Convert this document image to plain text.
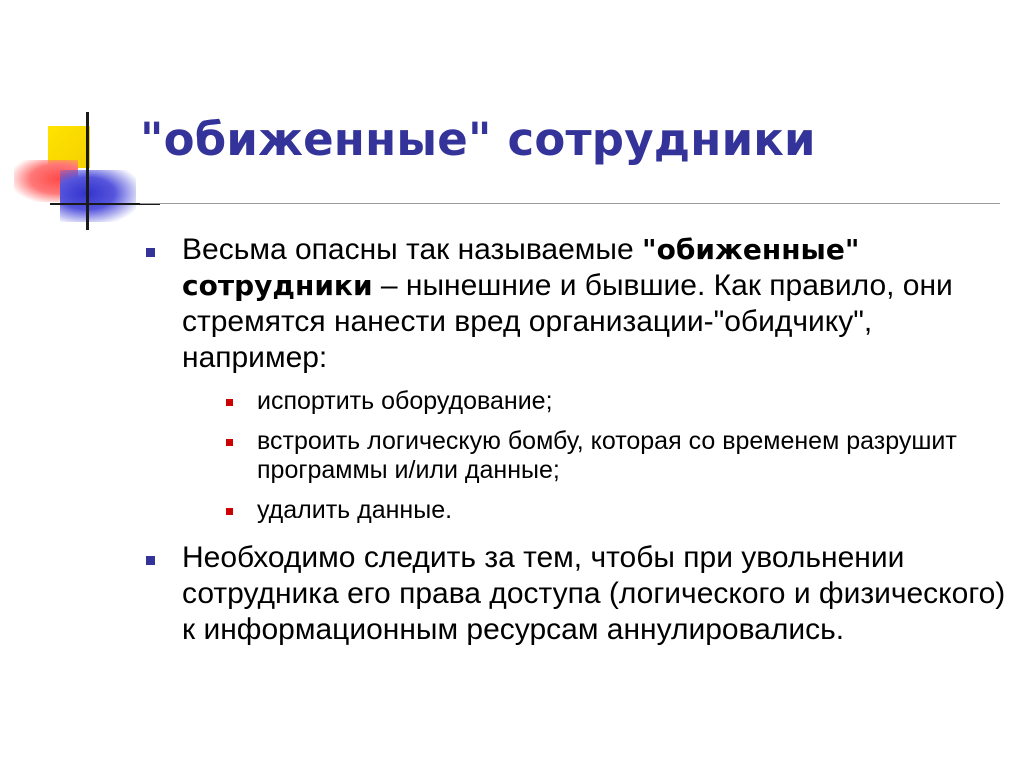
"обиженные" сотрудники

Весьма опасны так называемые "обиженные" сотрудники – нынешние и бывшие. Как правило, они стремятся нанести вред организации-"обидчику", например:

испортить оборудование;

встроить логическую бомбу, которая со временем разрушит программы и/или данные;

удалить данные.

Необходимо следить за тем, чтобы при увольнении сотрудника его права доступа (логического и физического) к информационным ресурсам аннулировались.
